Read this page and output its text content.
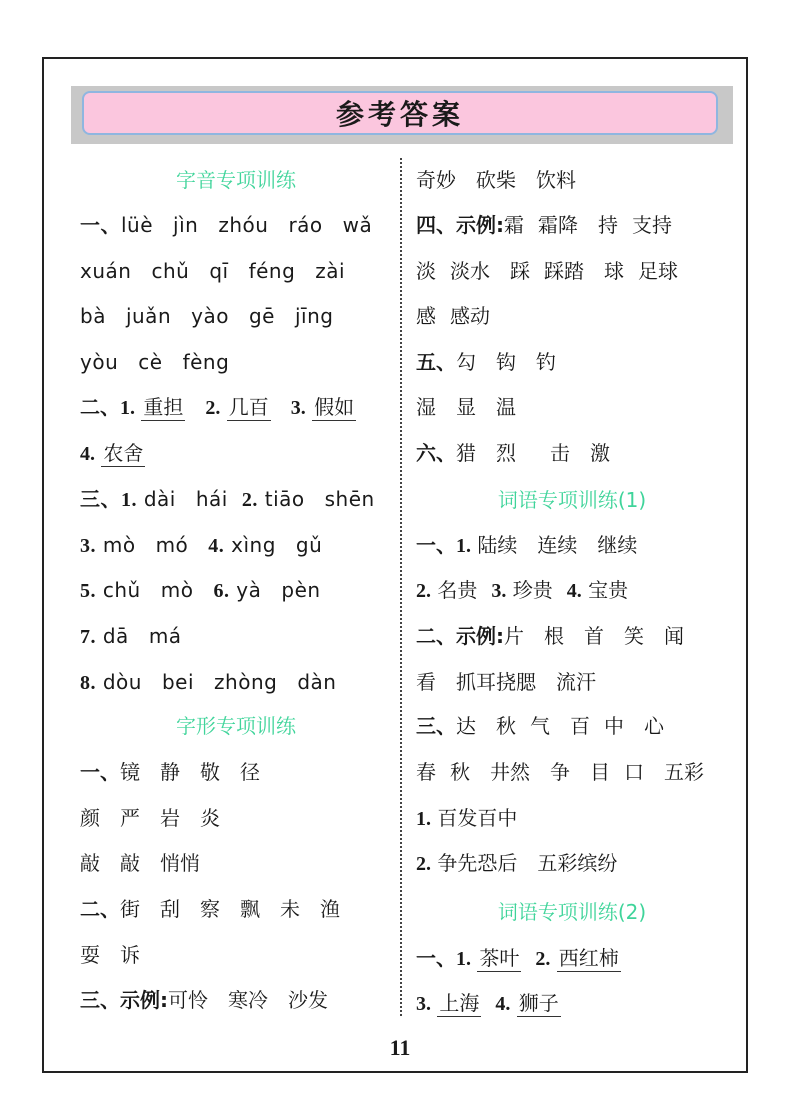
参考答案
字音专项训练
一、lüè jìn zhóu ráo wǎ
xuán chǔ qī féng zài
bà juǎn yào gē jīng
yòu cè fèng
二、1. 重担 2. 几百 3. 假如
4. 农舍
三、1. dài hái 2. tiāo shēn
3. mò mó 4. xìng gǔ
5. chǔ mò 6. yà pèn
7. dā má
8. dòu bei zhòng dàn
字形专项训练
一、镜 静 敬 径
颜 严 岩 炎
敲 敲 悄悄
二、街 刮 察 飘 未 渔
耍 诉
三、示例:可怜 寒冷 沙发
奇妙 砍柴 饮料
四、示例:霜 霜降 持 支持
淡 淡水 踩 踩踏 球 足球
感 感动
五、勾 钩 钓
湿 显 温
六、猎 烈 击 激
词语专项训练(1)
一、1. 陆续 连续 继续
2. 名贵 3. 珍贵 4. 宝贵
二、示例:片 根 首 笑 闻
看 抓耳挠腮 流汗
三、达 秋 气 百 中 心
春 秋 井然 争 目 口 五彩
1. 百发百中
2. 争先恐后 五彩缤纷
词语专项训练(2)
一、1. 茶叶 2. 西红柿
3. 上海 4. 狮子
11
